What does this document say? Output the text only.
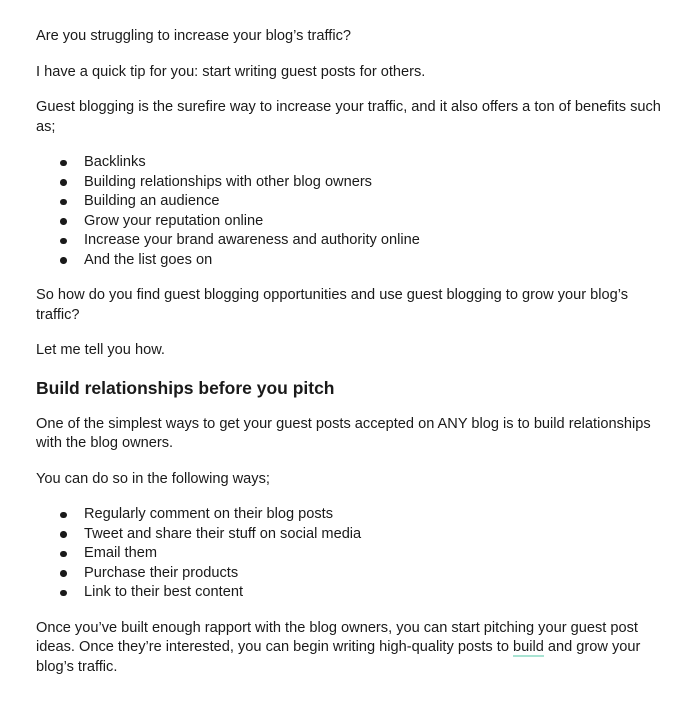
Are you struggling to increase your blog’s traffic?

I have a quick tip for you: start writing guest posts for others.

Guest blogging is the surefire way to increase your traffic, and it also offers a ton of benefits such as;

Backlinks
Building relationships with other blog owners
Building an audience
Grow your reputation online
Increase your brand awareness and authority online
And the list goes on

So how do you find guest blogging opportunities and use guest blogging to grow your blog’s traffic?

Let me tell you how.

Build relationships before you pitch

One of the simplest ways to get your guest posts accepted on ANY blog is to build relationships with the blog owners.

You can do so in the following ways;

Regularly comment on their blog posts
Tweet and share their stuff on social media
Email them
Purchase their products
Link to their best content

Once you’ve built enough rapport with the blog owners, you can start pitching your guest post ideas. Once they’re interested, you can begin writing high-quality posts to build and grow your blog’s traffic.
